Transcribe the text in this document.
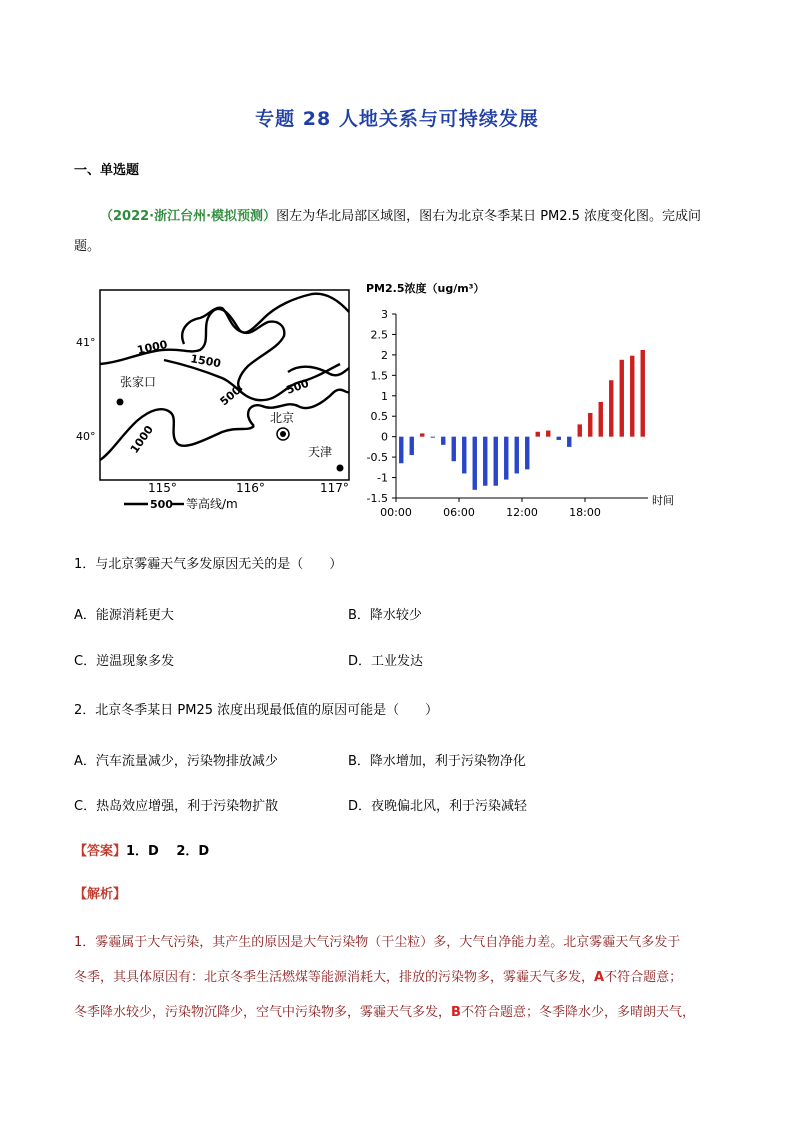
专题 28 人地关系与可持续发展
一、单选题
（2022·浙江台州·模拟预测）图左为华北局部区域图，图右为北京冬季某日 PM2.5 浓度变化图。完成问
题。
41°
40°
115°	116°	117°
1000
1500
500	500
1000
张家口
北京
天津
500 等高线/m
PM2.5浓度（ug/m³）
时间
3
2.5
2
1.5
1
0.5
0
-0.5
-1
-1.5
00:00	06:00	12:00	18:00
1．与北京雾霾天气多发原因无关的是（　　）
A．能源消耗更大	B．降水较少
C．逆温现象多发	D．工业发达
2．北京冬季某日 PM25 浓度出现最低值的原因可能是（　　）
A．汽车流量减少，污染物排放减少	B．降水增加，利于污染物净化
C．热岛效应增强，利于污染物扩散	D．夜晚偏北风，利于污染减轻
【答案】1．D　 2．D
【解析】
1．雾霾属于大气污染，其产生的原因是大气污染物（干尘粒）多，大气自净能力差。北京雾霾天气多发于
冬季，其具体原因有：北京冬季生活燃煤等能源消耗大，排放的污染物多，雾霾天气多发，A不符合题意；
冬季降水较少，污染物沉降少，空气中污染物多，雾霾天气多发，B不符合题意；冬季降水少，多晴朗天气，
